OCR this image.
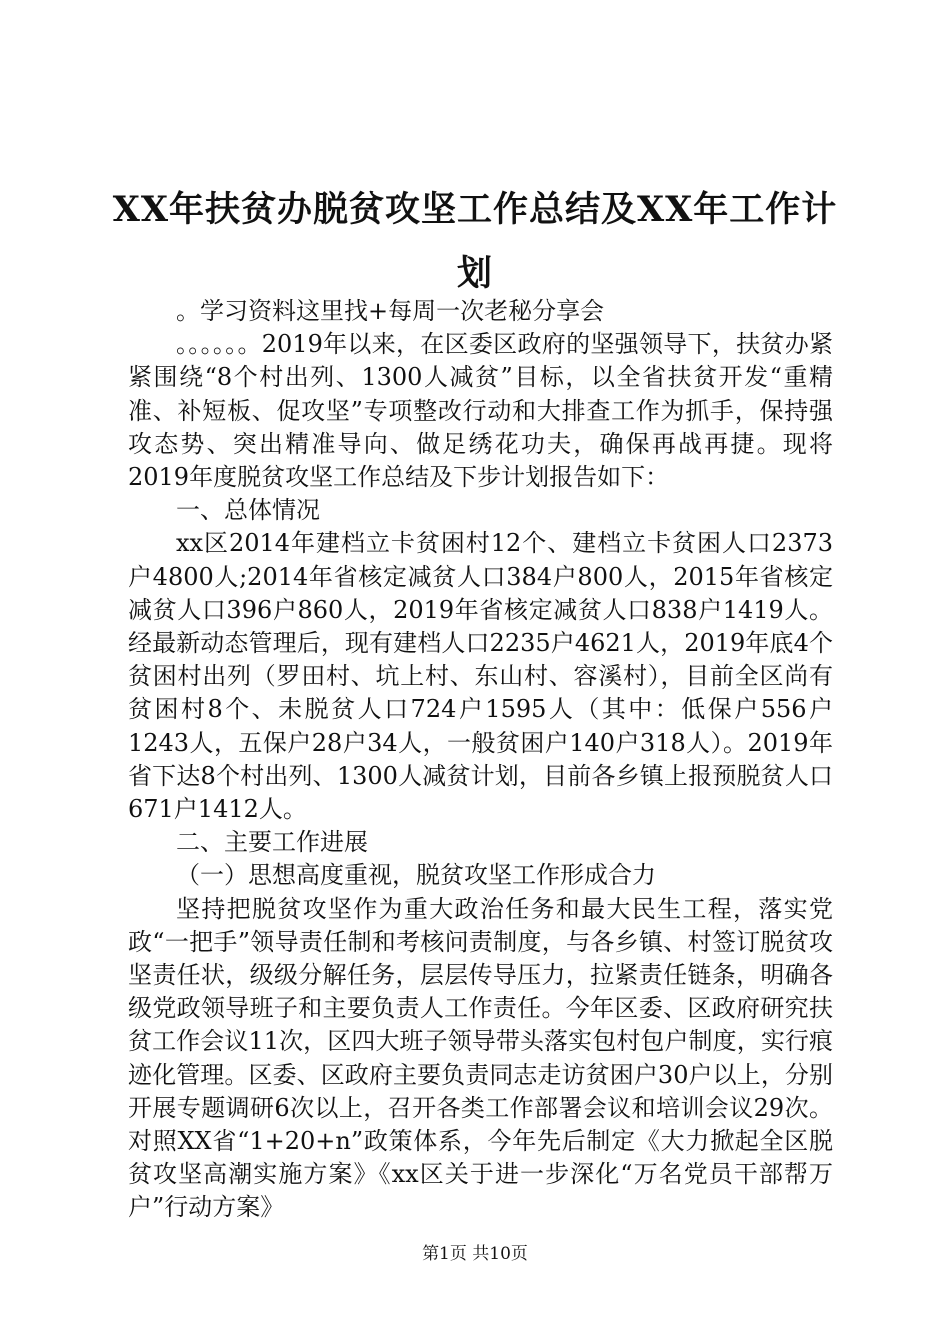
XX年扶贫办脱贫攻坚工作总结及XX年工作计划

。学习资料这里找+每周一次老秘分享会

。。。。。。2019年以来，在区委区政府的坚强领导下，扶贫办紧紧围绕“8个村出列、1300人减贫”目标，以全省扶贫开发“重精准、补短板、促攻坚”专项整改行动和大排查工作为抓手，保持强攻态势、突出精准导向、做足绣花功夫，确保再战再捷。现将2019年度脱贫攻坚工作总结及下步计划报告如下：

一、总体情况

xx区2014年建档立卡贫困村12个、建档立卡贫困人口2373户4800人;2014年省核定减贫人口384户800人，2015年省核定减贫人口396户860人，2019年省核定减贫人口838户1419人。经最新动态管理后，现有建档人口2235户4621人，2019年底4个贫困村出列（罗田村、坑上村、东山村、容溪村），目前全区尚有贫困村8个、未脱贫人口724户1595人（其中：低保户556户1243人，五保户28户34人，一般贫困户140户318人）。2019年省下达8个村出列、1300人减贫计划，目前各乡镇上报预脱贫人口671户1412人。

二、主要工作进展

（一）思想高度重视，脱贫攻坚工作形成合力

坚持把脱贫攻坚作为重大政治任务和最大民生工程，落实党政“一把手”领导责任制和考核问责制度，与各乡镇、村签订脱贫攻坚责任状，级级分解任务，层层传导压力，拉紧责任链条，明确各级党政领导班子和主要负责人工作责任。今年区委、区政府研究扶贫工作会议11次，区四大班子领导带头落实包村包户制度，实行痕迹化管理。区委、区政府主要负责同志走访贫困户30户以上，分别开展专题调研6次以上，召开各类工作部署会议和培训会议29次。对照XX省“1+20+n”政策体系，今年先后制定《大力掀起全区脱贫攻坚高潮实施方案》《xx区关于进一步深化“万名党员干部帮万户”行动方案》

第1页 共10页
